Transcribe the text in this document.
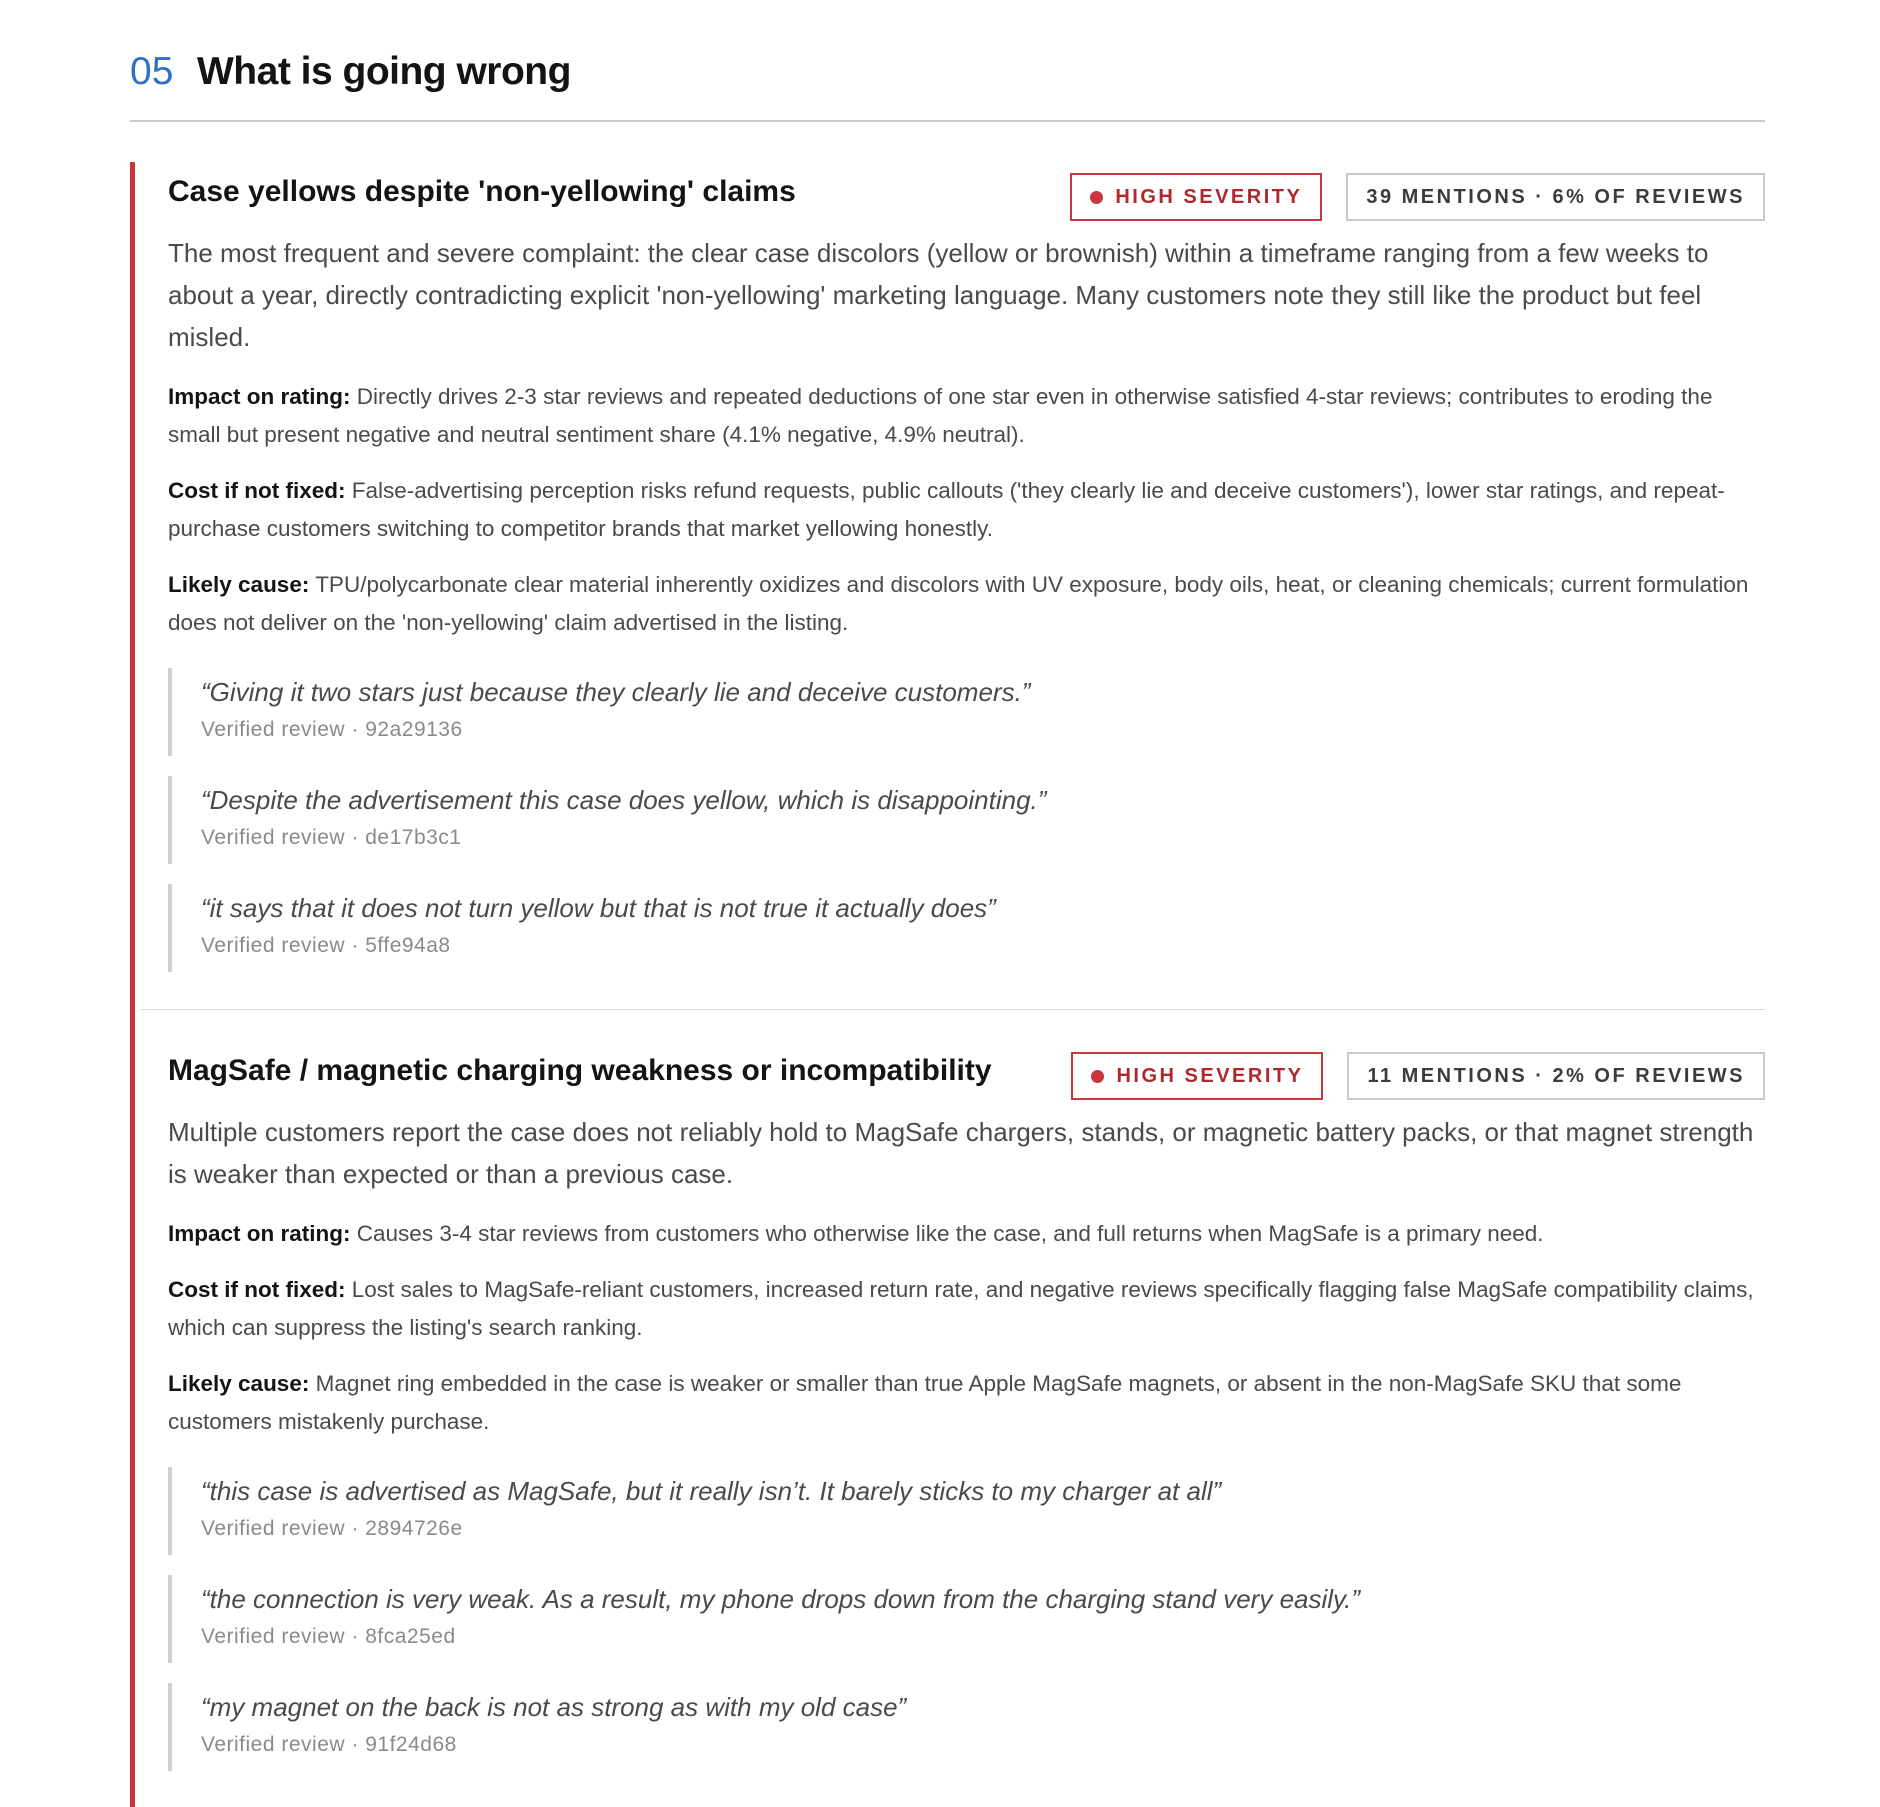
05 What is going wrong
Case yellows despite 'non-yellowing' claims	HIGH SEVERITY	39 MENTIONS · 6% OF REVIEWS

The most frequent and severe complaint: the clear case discolors (yellow or brownish) within a timeframe ranging from a few weeks to about a year, directly contradicting explicit 'non-yellowing' marketing language. Many customers note they still like the product but feel misled.

Impact on rating: Directly drives 2-3 star reviews and repeated deductions of one star even in otherwise satisfied 4-star reviews; contributes to eroding the small but present negative and neutral sentiment share (4.1% negative, 4.9% neutral).

Cost if not fixed: False-advertising perception risks refund requests, public callouts ('they clearly lie and deceive customers'), lower star ratings, and repeat-purchase customers switching to competitor brands that market yellowing honestly.

Likely cause: TPU/polycarbonate clear material inherently oxidizes and discolors with UV exposure, body oils, heat, or cleaning chemicals; current formulation does not deliver on the 'non-yellowing' claim advertised in the listing.

“Giving it two stars just because they clearly lie and deceive customers.”
Verified review · 92a29136
“Despite the advertisement this case does yellow, which is disappointing.”
Verified review · de17b3c1
“it says that it does not turn yellow but that is not true it actually does”
Verified review · 5ffe94a8
MagSafe / magnetic charging weakness or incompatibility	HIGH SEVERITY	11 MENTIONS · 2% OF REVIEWS

Multiple customers report the case does not reliably hold to MagSafe chargers, stands, or magnetic battery packs, or that magnet strength is weaker than expected or than a previous case.

Impact on rating: Causes 3-4 star reviews from customers who otherwise like the case, and full returns when MagSafe is a primary need.

Cost if not fixed: Lost sales to MagSafe-reliant customers, increased return rate, and negative reviews specifically flagging false MagSafe compatibility claims, which can suppress the listing's search ranking.

Likely cause: Magnet ring embedded in the case is weaker or smaller than true Apple MagSafe magnets, or absent in the non-MagSafe SKU that some customers mistakenly purchase.

“this case is advertised as MagSafe, but it really isn’t. It barely sticks to my charger at all”
Verified review · 2894726e
“the connection is very weak. As a result, my phone drops down from the charging stand very easily.”
Verified review · 8fca25ed
“my magnet on the back is not as strong as with my old case”
Verified review · 91f24d68
